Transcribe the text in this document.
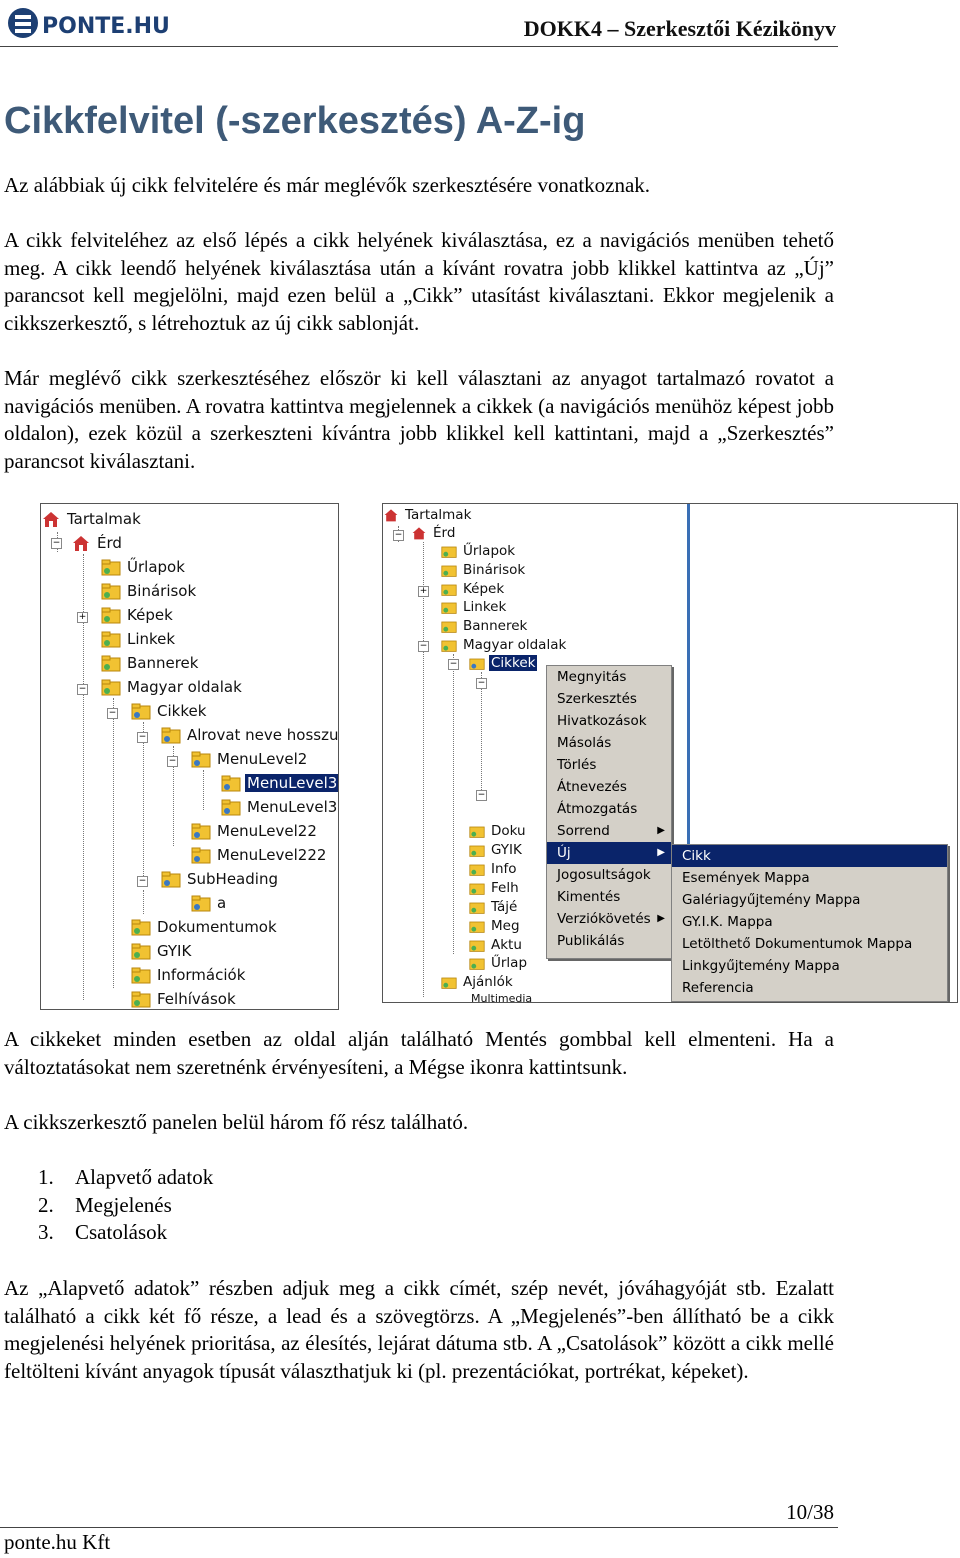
PONTE.HU	DOKK4 – Szerkesztői Kézikönyv
Cikkfelvitel (-szerkesztés) A-Z-ig

Az alábbiak új cikk felvitelére és már meglévők szerkesztésére vonatkoznak.

A cikk felviteléhez az első lépés a cikk helyének kiválasztása, ez a navigációs menüben tehető meg. A cikk leendő helyének kiválasztása után a kívánt rovatra jobb klikkel kattintva az „Új” parancsot kell megjelölni, majd ezen belül a „Cikk” utasítást kiválasztani. Ekkor megjelenik a cikkszerkesztő, s létrehoztuk az új cikk sablonját.

Már meglévő cikk szerkesztéséhez először ki kell választani az anyagot tartalmazó rovatot a navigációs menüben. A rovatra kattintva megjelennek a cikkek (a navigációs menühöz képest jobb oldalon), ezek közül a szerkeszteni kívántra jobb klikkel kell kattintani, majd a „Szerkesztés” parancsot kiválasztani.

−
+
−
−
−
−
−
Tartalmak
Érd
Űrlapok
Binárisok
Képek
Linkek
Bannerek
Magyar oldalak
Cikkek
Alrovat neve hosszu
MenuLevel2
MenuLevel3
MenuLevel3
MenuLevel22
MenuLevel222
SubHeading
a
Dokumentumok
GYIK
Információk
Felhívások
−
+
−
−
−
−
Tartalmak
Érd
Űrlapok
Binárisok
Képek
Linkek
Bannerek
Magyar oldalak
Cikkek
Doku
GYIK
Info
Felh
Tájé
Meg
Aktu
Űrlap
Ajánlók
Multimedia
Megnyitás
Szerkesztés
Hivatkozások
Másolás
Törlés
Átnevezés
Átmozgatás
Sorrend	▶
Új	▶
Jogosultságok
Kimentés
Verziókövetés ▶
Publikálás
Cikk
Események Mappa
Galériagyűjtemény Mappa
GY.I.K. Mappa
Letölthető Dokumentumok Mappa
Linkgyűjtemény Mappa
Referencia

A cikkeket minden esetben az oldal alján található Mentés gombbal kell elmenteni. Ha a változtatásokat nem szeretnénk érvényesíteni, a Mégse ikonra kattintsunk.

A cikkszerkesztő panelen belül három fő rész található.

1. Alapvető adatok
2. Megjelenés
3. Csatolások

Az „Alapvető adatok” részben adjuk meg a cikk címét, szép nevét, jóváhagyóját stb. Ezalatt található a cikk két fő része, a lead és a szövegtörzs. A „Megjelenés”-ben állítható be a cikk megjelenési helyének prioritása, az élesítés, lejárat dátuma stb. A „Csatolások” között a cikk mellé feltölteni kívánt anyagok típusát választhatjuk ki (pl. prezentációkat, portrékat, képeket).

10/38
ponte.hu Kft
